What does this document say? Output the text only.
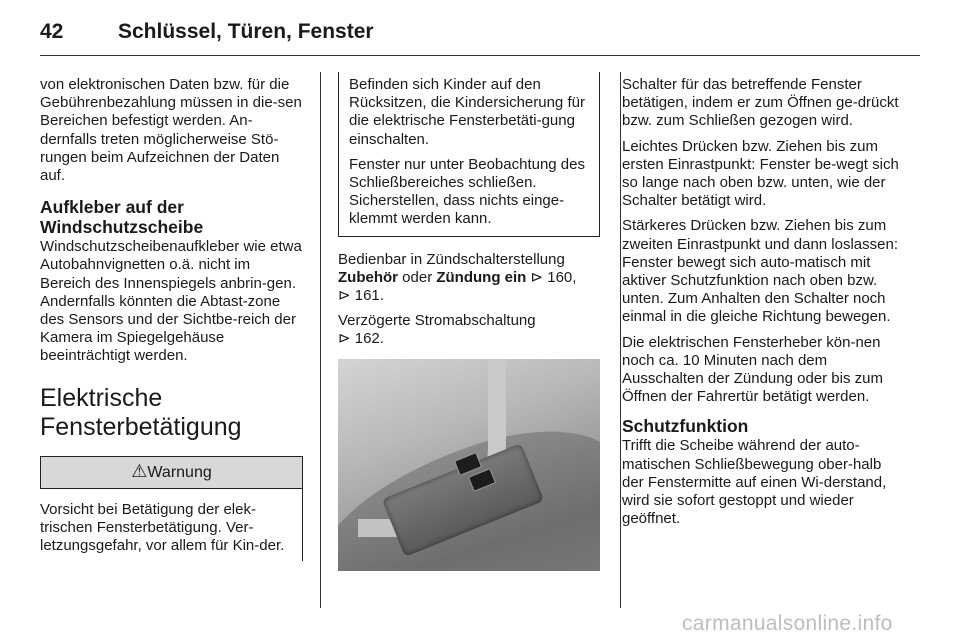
42	Schlüssel, Türen, Fenster

von elektronischen Daten bzw. für die Gebührenbezahlung müssen in die-sen Bereichen befestigt werden. An-dernfalls treten möglicherweise Stö-rungen beim Aufzeichnen der Daten auf.

Aufkleber auf der Windschutzscheibe

Windschutzscheibenaufkleber wie etwa Autobahnvignetten o.ä. nicht im Bereich des Innenspiegels anbrin-gen. Andernfalls könnten die Abtast-zone des Sensors und der Sichtbe-reich der Kamera im Spiegelgehäuse beeinträchtigt werden.

Elektrische Fensterbetätigung
⚠Warnung
Vorsicht bei Betätigung der elek-trischen Fensterbetätigung. Ver-letzungsgefahr, vor allem für Kin-der.

Befinden sich Kinder auf den Rücksitzen, die Kindersicherung für die elektrische Fensterbetäti-gung einschalten.

Fenster nur unter Beobachtung des Schließbereiches schließen. Sicherstellen, dass nichts einge-klemmt werden kann.

Bedienbar in Zündschalterstellung Zubehör oder Zündung ein ⊳ 160,
⊳ 161.

Verzögerte Stromabschaltung
⊳ 162.

Schalter für das betreffende Fenster betätigen, indem er zum Öffnen ge-drückt bzw. zum Schließen gezogen wird.

Leichtes Drücken bzw. Ziehen bis zum ersten Einrastpunkt: Fenster be-wegt sich so lange nach oben bzw. unten, wie der Schalter betätigt wird.

Stärkeres Drücken bzw. Ziehen bis zum zweiten Einrastpunkt und dann loslassen: Fenster bewegt sich auto-matisch mit aktiver Schutzfunktion nach oben bzw. unten. Zum Anhalten den Schalter noch einmal in die gleiche Richtung bewegen.

Die elektrischen Fensterheber kön-nen noch ca. 10 Minuten nach dem Ausschalten der Zündung oder bis zum Öffnen der Fahrertür betätigt werden.

Schutzfunktion

Trifft die Scheibe während der auto-matischen Schließbewegung ober-halb der Fenstermitte auf einen Wi-derstand, wird sie sofort gestoppt und wieder geöffnet.

carmanualsonline.info
